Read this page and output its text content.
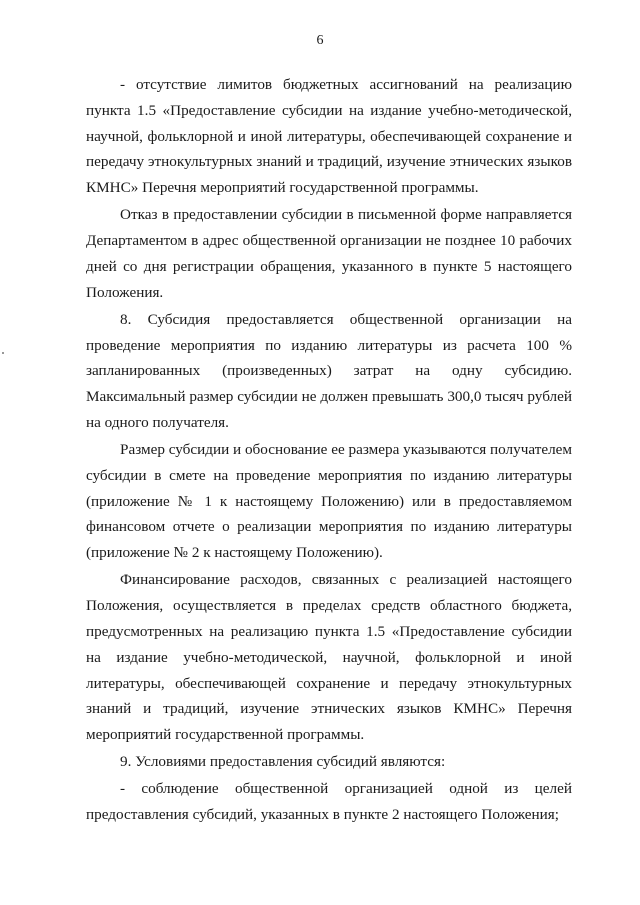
6

- отсутствие лимитов бюджетных ассигнований на реализацию пункта 1.5 «Предоставление субсидии на издание учебно-методической, научной, фольклорной и иной литературы, обеспечивающей сохранение и передачу этнокультурных знаний и традиций, изучение этнических языков КМНС» Перечня мероприятий государственной программы.

Отказ в предоставлении субсидии в письменной форме направляется Департаментом в адрес общественной организации не позднее 10 рабочих дней со дня регистрации обращения, указанного в пункте 5 настоящего Положения.

8. Субсидия предоставляется общественной организации на проведение мероприятия по изданию литературы из расчета 100 % запланированных (произведенных) затрат на одну субсидию. Максимальный размер субсидии не должен превышать 300,0 тысяч рублей на одного получателя.

Размер субсидии и обоснование ее размера указываются получателем субсидии в смете на проведение мероприятия по изданию литературы (приложение № 1 к настоящему Положению) или в предоставляемом финансовом отчете о реализации мероприятия по изданию литературы (приложение № 2 к настоящему Положению).

Финансирование расходов, связанных с реализацией настоящего Положения, осуществляется в пределах средств областного бюджета, предусмотренных на реализацию пункта 1.5 «Предоставление субсидии на издание учебно-методической, научной, фольклорной и иной литературы, обеспечивающей сохранение и передачу этнокультурных знаний и традиций, изучение этнических языков КМНС» Перечня мероприятий государственной программы.

9. Условиями предоставления субсидий являются:

- соблюдение общественной организацией одной из целей предоставления субсидий, указанных в пункте 2 настоящего Положения;
